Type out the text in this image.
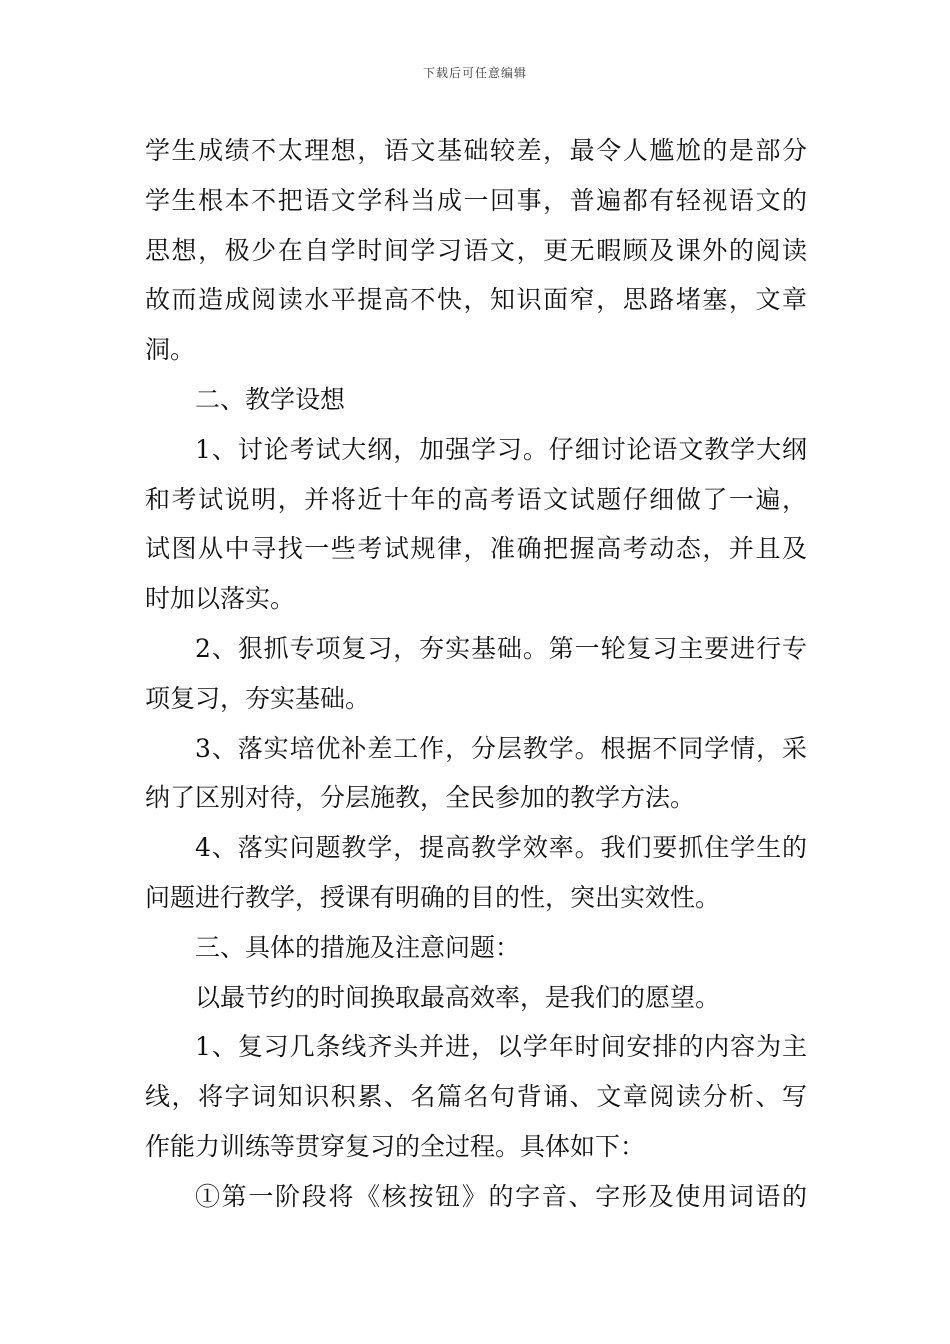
下载后可任意编辑
学生成绩不太理想，语文基础较差，最令人尴尬的是部分
学生根本不把语文学科当成一回事，普遍都有轻视语文的
思想，极少在自学时间学习语文，更无暇顾及课外的阅读
故而造成阅读水平提高不快，知识面窄，思路堵塞，文章
洞。
二、教学设想
1、讨论考试大纲，加强学习。仔细讨论语文教学大纲
和考试说明，并将近十年的高考语文试题仔细做了一遍，
试图从中寻找一些考试规律，准确把握高考动态，并且及
时加以落实。
2、狠抓专项复习，夯实基础。第一轮复习主要进行专
项复习，夯实基础。
3、落实培优补差工作，分层教学。根据不同学情，采
纳了区别对待，分层施教，全民参加的教学方法。
4、落实问题教学，提高教学效率。我们要抓住学生的
问题进行教学，授课有明确的目的性，突出实效性。
三、具体的措施及注意问题：
以最节约的时间换取最高效率，是我们的愿望。
1、复习几条线齐头并进，以学年时间安排的内容为主
线，将字词知识积累、名篇名句背诵、文章阅读分析、写
作能力训练等贯穿复习的全过程。具体如下：
①第一阶段将《核按钮》的字音、字形及使用词语的
